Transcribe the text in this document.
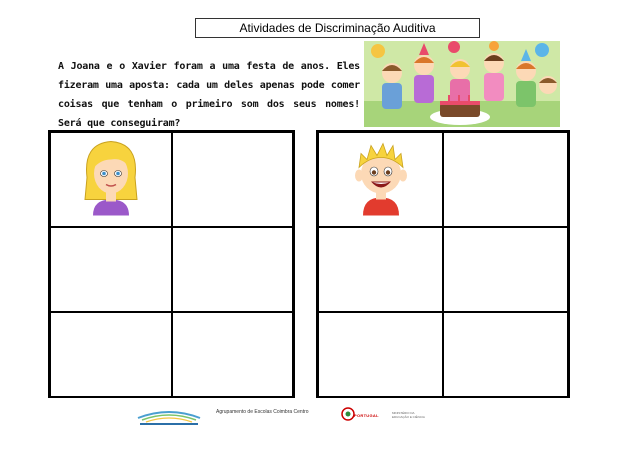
Atividades de Discriminação Auditiva
A Joana e o Xavier foram a uma festa de anos. Eles fizeram uma aposta: cada um deles apenas pode comer coisas que tenham o primeiro som dos seus nomes! Será que conseguiram?
Agrupamento de Escolas Coimbra Centro
PORTUGAL	MINISTÉRIO DA EDUCAÇÃO E CIÊNCIA
